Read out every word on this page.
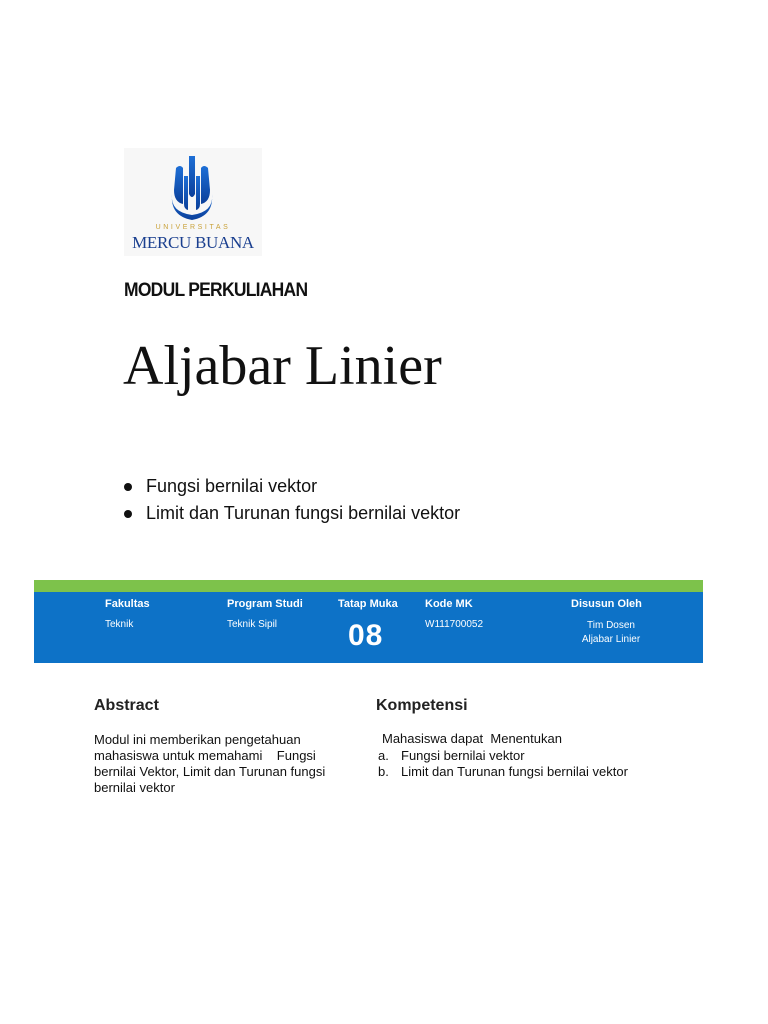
UNIVERSITAS
MERCU BUANA
MODUL PERKULIAHAN
Aljabar Linier
Fungsi bernilai vektor
Limit dan Turunan fungsi bernilai vektor
Fakultas
Teknik
Program Studi
Teknik Sipil
Tatap Muka
08
Kode MK
W111700052
Disusun Oleh
Tim Dosen
Aljabar Linier
Abstract
Modul ini memberikan pengetahuan
mahasiswa untuk memahami    Fungsi
bernilai Vektor, Limit dan Turunan fungsi
bernilai vektor
Kompetensi
Mahasiswa dapat  Menentukan
a. Fungsi bernilai vektor
b. Limit dan Turunan fungsi bernilai vektor
